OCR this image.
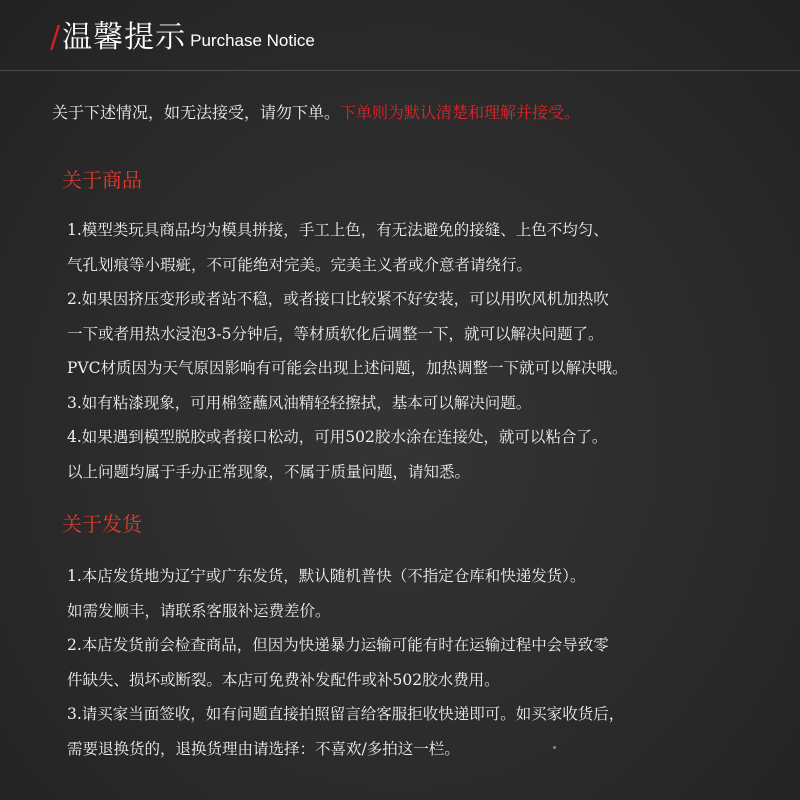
/ 温馨提示 Purchase Notice
关于下述情况，如无法接受，请勿下单。下单则为默认清楚和理解并接受。
关于商品
1.模型类玩具商品均为模具拼接，手工上色，有无法避免的接缝、上色不均匀、
气孔划痕等小瑕疵，不可能绝对完美。完美主义者或介意者请绕行。
2.如果因挤压变形或者站不稳，或者接口比较紧不好安装，可以用吹风机加热吹
一下或者用热水浸泡3-5分钟后，等材质软化后调整一下，就可以解决问题了。
PVC材质因为天气原因影响有可能会出现上述问题，加热调整一下就可以解决哦。
3.如有粘漆现象，可用棉签蘸风油精轻轻擦拭，基本可以解决问题。
4.如果遇到模型脱胶或者接口松动，可用502胶水涂在连接处，就可以粘合了。
以上问题均属于手办正常现象，不属于质量问题，请知悉。
关于发货
1.本店发货地为辽宁或广东发货，默认随机普快（不指定仓库和快递发货）。
如需发顺丰，请联系客服补运费差价。
2.本店发货前会检查商品，但因为快递暴力运输可能有时在运输过程中会导致零
件缺失、损坏或断裂。本店可免费补发配件或补502胶水费用。
3.请买家当面签收，如有问题直接拍照留言给客服拒收快递即可。如买家收货后，
需要退换货的，退换货理由请选择：不喜欢/多拍这一栏。
